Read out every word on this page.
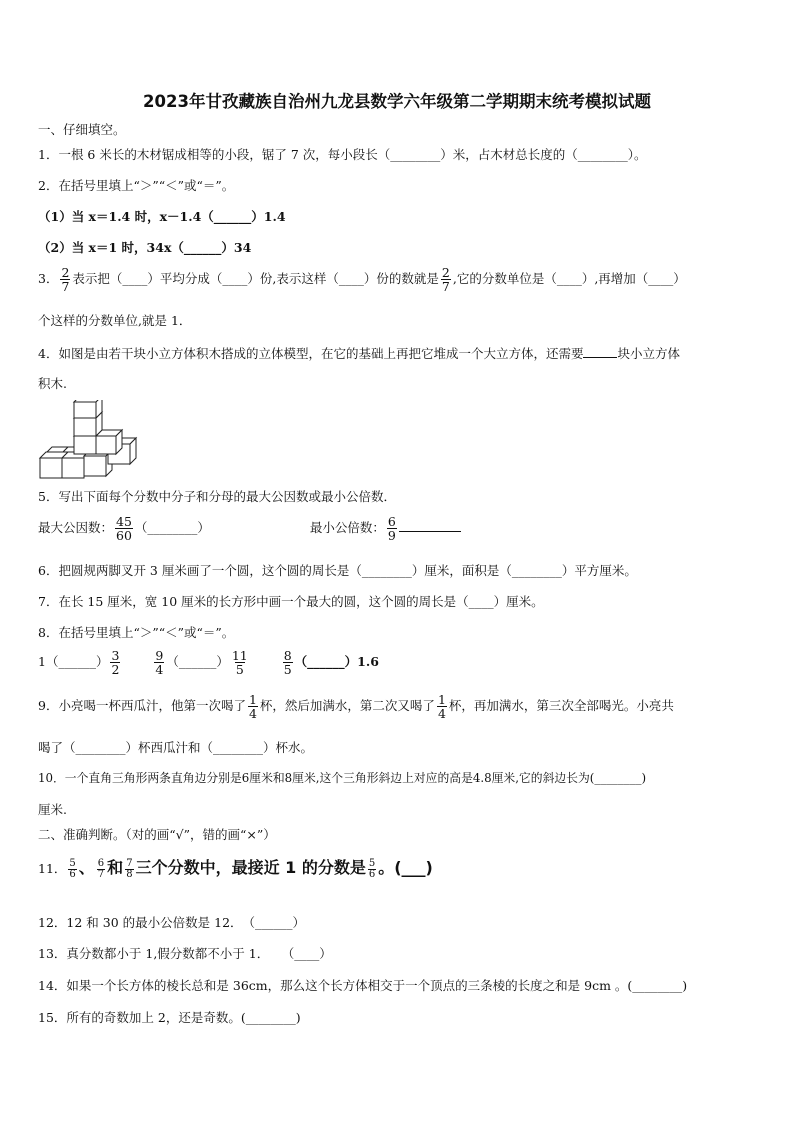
2023年甘孜藏族自治州九龙县数学六年级第二学期期末统考模拟试题
一、仔细填空。
1．一根 6 米长的木材锯成相等的小段，锯了 7 次，每小段长（________）米，占木材总长度的（________）。
2．在括号里填上“＞”“＜”或“＝”。
（1）当 x＝1.4 时，x－1.4（______）1.4
（2）当 x＝1 时，34x（______）34
3． $\frac{2}{7}$ 表示把（____）平均分成（____）份,表示这样（____）份的数就是 $\frac{2}{7}$ ,它的分数单位是（____）,再增加（____）
个这样的分数单位,就是 1．
4．如图是由若干块小立方体积木搭成的立体模型，在它的基础上再把它堆成一个大立方体，还需要	块小立方体
积木.
5．写出下面每个分数中分子和分母的最大公因数或最小公倍数．
最大公因数： $\frac{45}{60}$ （________）	最小公倍数： $\frac{6}{9}$
6．把圆规两脚叉开 3 厘米画了一个圆，这个圆的周长是（________）厘米，面积是（________）平方厘米。
7．在长 15 厘米，宽 10 厘米的长方形中画一个最大的圆，这个圆的周长是（____）厘米。
8．在括号里填上“＞”“＜”或“＝”。
1（______） $\frac{3}{2}$
	$\frac{9}{4}$ （______） $\frac{11}{5}$
	$\frac{8}{5}$ （______）1.6
9．小亮喝一杯西瓜汁，他第一次喝了 $\frac{1}{4}$ 杯，然后加满水，第二次又喝了 $\frac{1}{4}$ 杯，再加满水，第三次全部喝光。小亮共
喝了（________）杯西瓜汁和（________）杯水。
10．一个直角三角形两条直角边分别是6厘米和8厘米,这个三角形斜边上对应的高是4.8厘米,它的斜边长为(________)
厘米.
二、准确判断。（对的画“√”，错的画“×”）
11． $\frac{5}{6}$ 、 $\frac{6}{7}$ 和 $\frac{7}{8}$ 三个分数中，最接近 1 的分数是 $\frac{5}{6}$ 。(___)
12．12 和 30 的最小公倍数是 12．　（______）
13．真分数都小于 1,假分数都不小于 1．　　（____）
14．如果一个长方体的棱长总和是 36cm，那么这个长方体相交于一个顶点的三条棱的长度之和是 9cm 。(________)
15．所有的奇数加上 2，还是奇数。(________)
